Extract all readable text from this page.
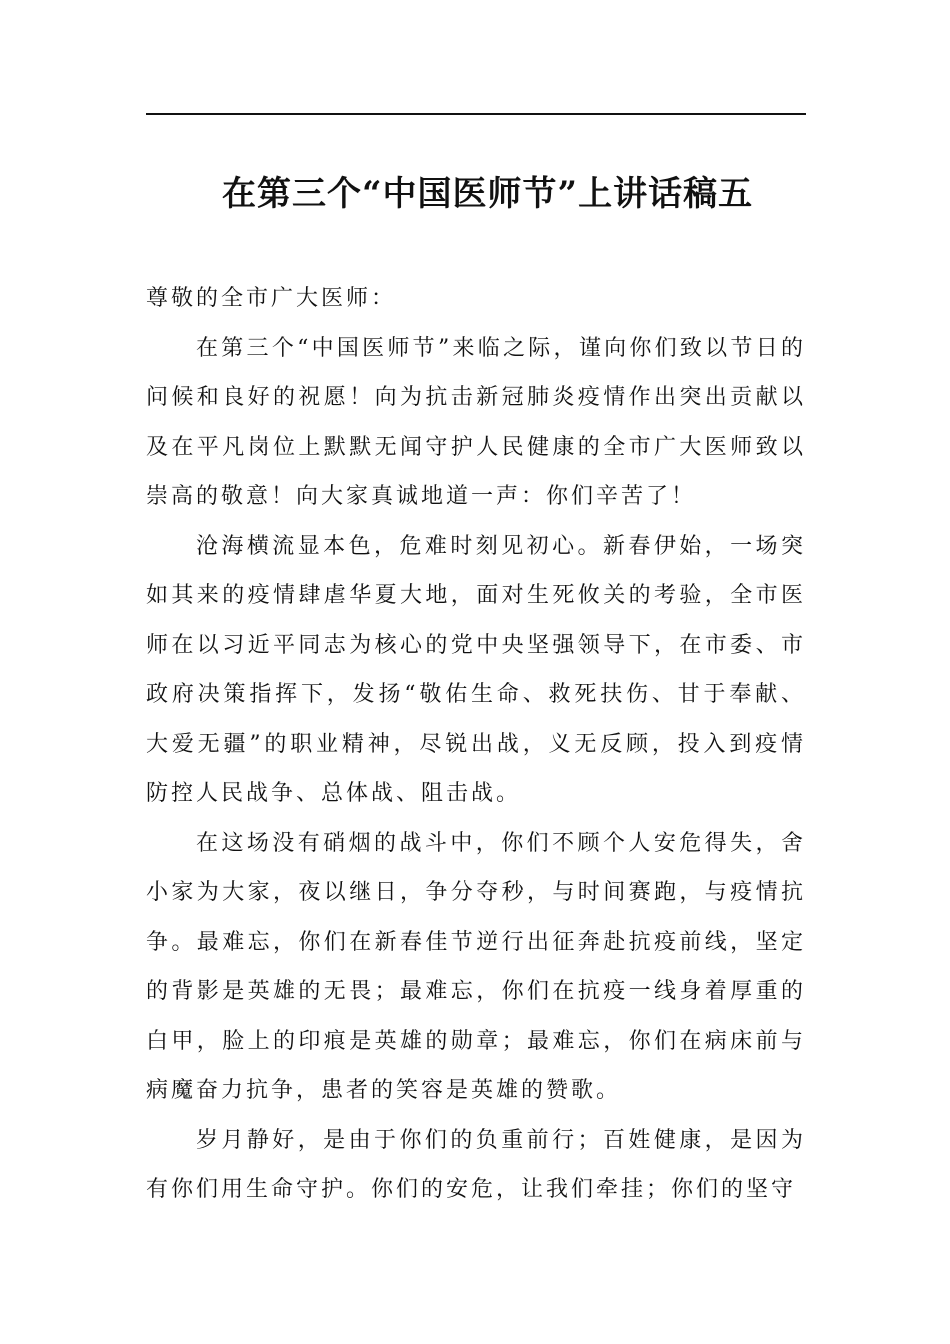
在第三个“中国医师节”上讲话稿五

尊敬的全市广大医师：

在第三个“中国医师节”来临之际，谨向你们致以节日的问候和良好的祝愿！向为抗击新冠肺炎疫情作出突出贡献以及在平凡岗位上默默无闻守护人民健康的全市广大医师致以崇高的敬意！向大家真诚地道一声：你们辛苦了！

沧海横流显本色，危难时刻见初心。新春伊始，一场突如其来的疫情肆虐华夏大地，面对生死攸关的考验，全市医师在以习近平同志为核心的党中央坚强领导下，在市委、市政府决策指挥下，发扬“敬佑生命、救死扶伤、甘于奉献、大爱无疆”的职业精神，尽锐出战，义无反顾，投入到疫情防控人民战争、总体战、阻击战。

在这场没有硝烟的战斗中，你们不顾个人安危得失，舍小家为大家，夜以继日，争分夺秒，与时间赛跑，与疫情抗争。最难忘，你们在新春佳节逆行出征奔赴抗疫前线，坚定的背影是英雄的无畏；最难忘，你们在抗疫一线身着厚重的白甲，脸上的印痕是英雄的勋章；最难忘，你们在病床前与病魔奋力抗争，患者的笑容是英雄的赞歌。

岁月静好，是由于你们的负重前行；百姓健康，是因为有你们用生命守护。你们的安危，让我们牵挂；你们的坚守
